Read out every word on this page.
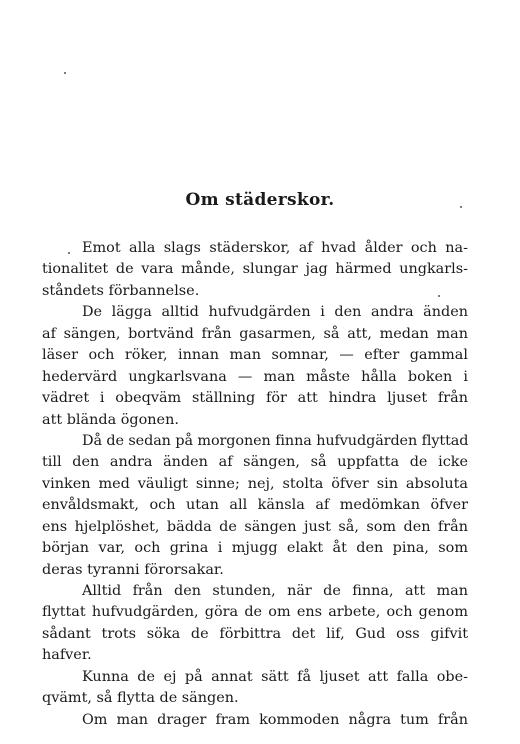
Om städerskor.
Emot alla slags städerskor, af hvad ålder och na-
tionalitet de vara månde, slungar jag härmed ungkarls-
ståndets förbannelse.
De lägga alltid hufvudgärden i den andra änden
af sängen, bortvänd från gasarmen, så att, medan man
läser och röker, innan man somnar, — efter gammal
hedervärd ungkarlsvana — man måste hålla boken i
vädret i obeqväm ställning för att hindra ljuset från
att blända ögonen.
Då de sedan på morgonen finna hufvudgärden flyttad
till den andra änden af sängen, så uppfatta de icke
vinken med väuligt sinne; nej, stolta öfver sin absoluta
envåldsmakt, och utan all känsla af medömkan öfver
ens hjelplöshet, bädda de sängen just så, som den från
början var, och grina i mjugg elakt åt den pina, som
deras tyranni förorsakar.
Alltid från den stunden, när de finna, att man
flyttat hufvudgärden, göra de om ens arbete, och genom
sådant trots söka de förbittra det lif, Gud oss gifvit
hafver.
Kunna de ej på annat sätt få ljuset att falla obe-
qvämt, så flytta de sängen.
Om man drager fram kommoden några tum från
